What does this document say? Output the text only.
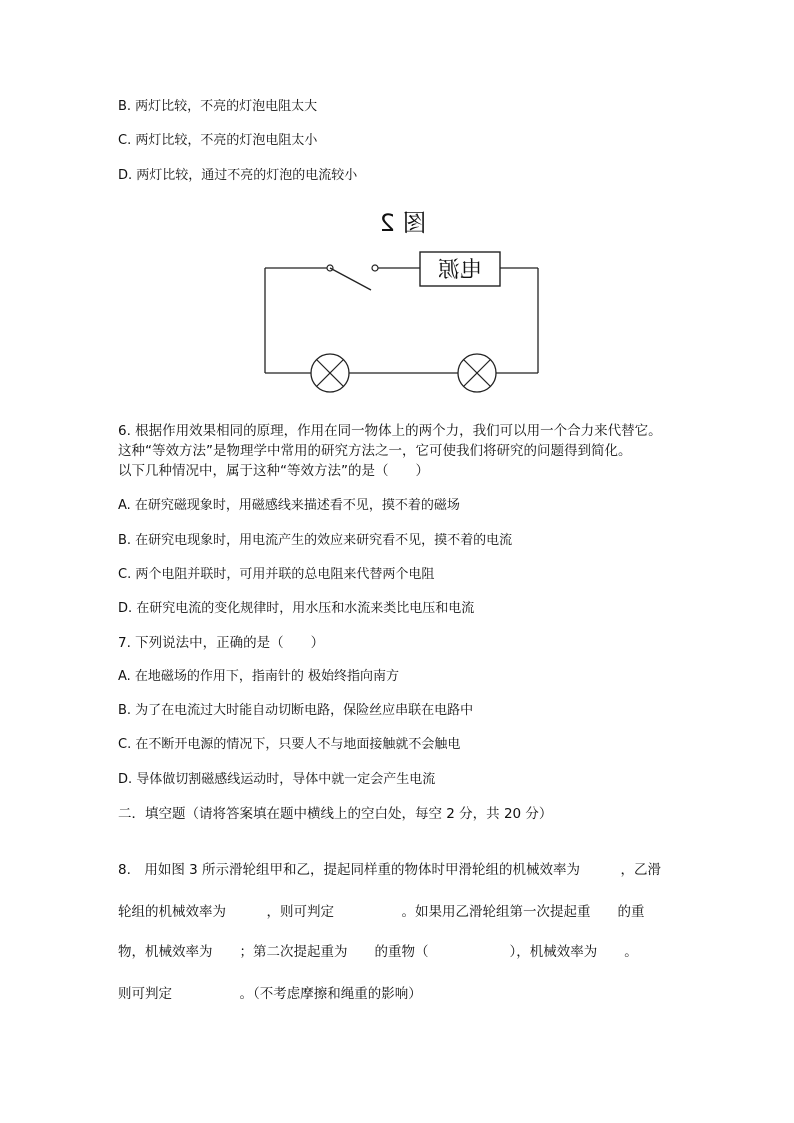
B. 两灯比较，不亮的灯泡电阻太大
C. 两灯比较，不亮的灯泡电阻太小
D. 两灯比较，通过不亮的灯泡的电流较小
图 2
电源
6. 根据作用效果相同的原理，作用在同一物体上的两个力，我们可以用一个合力来代替它。
这种“等效方法”是物理学中常用的研究方法之一，它可使我们将研究的问题得到简化。
以下几种情况中，属于这种“等效方法”的是（　　）
A. 在研究磁现象时，用磁感线来描述看不见，摸不着的磁场
B. 在研究电现象时，用电流产生的效应来研究看不见，摸不着的电流
C. 两个电阻并联时，可用并联的总电阻来代替两个电阻
D. 在研究电流的变化规律时，用水压和水流来类比电压和电流
7. 下列说法中，正确的是（　　）
A. 在地磁场的作用下，指南针的 极始终指向南方
B. 为了在电流过大时能自动切断电路，保险丝应串联在电路中
C. 在不断开电源的情况下，只要人不与地面接触就不会触电
D. 导体做切割磁感线运动时，导体中就一定会产生电流
二．填空题（请将答案填在题中横线上的空白处，每空 2 分，共 20 分）
8.　用如图 3 所示滑轮组甲和乙，提起同样重的物体时甲滑轮组的机械效率为　　　，乙滑
轮组的机械效率为　　　，则可判定　　　　　。如果用乙滑轮组第一次提起重　　的重
物，机械效率为　　；第二次提起重为　　的重物（　　　　　　），机械效率为　　。
则可判定　　　　　。（不考虑摩擦和绳重的影响）
